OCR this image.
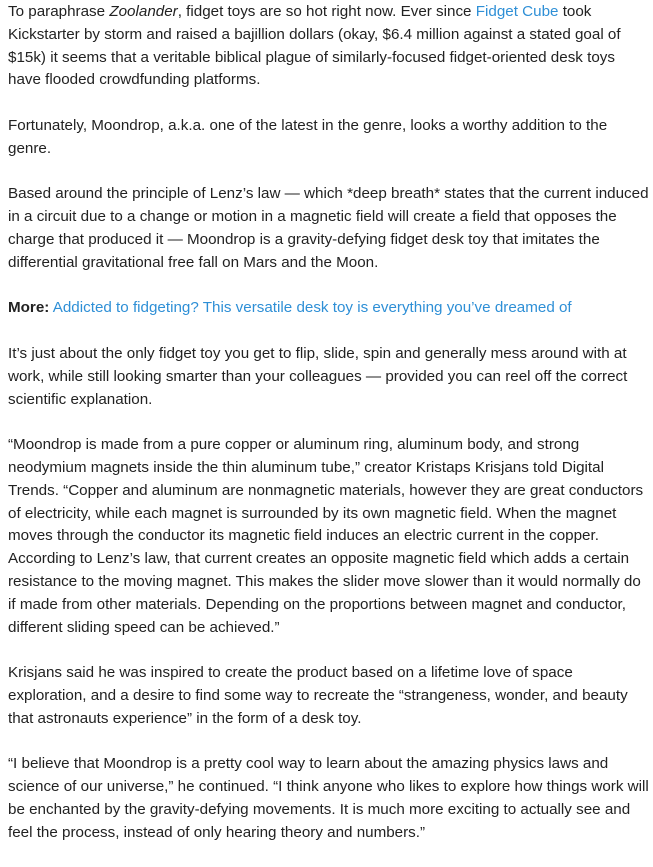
To paraphrase Zoolander, fidget toys are so hot right now. Ever since Fidget Cube took Kickstarter by storm and raised a bajillion dollars (okay, $6.4 million against a stated goal of $15k) it seems that a veritable biblical plague of similarly-focused fidget-oriented desk toys have flooded crowdfunding platforms.

Fortunately, Moondrop, a.k.a. one of the latest in the genre, looks a worthy addition to the genre.

Based around the principle of Lenz’s law — which *deep breath* states that the current induced in a circuit due to a change or motion in a magnetic field will create a field that opposes the charge that produced it — Moondrop is a gravity-defying fidget desk toy that imitates the differential gravitational free fall on Mars and the Moon.

More: Addicted to fidgeting? This versatile desk toy is everything you’ve dreamed of

It’s just about the only fidget toy you get to flip, slide, spin and generally mess around with at work, while still looking smarter than your colleagues — provided you can reel off the correct scientific explanation.

“Moondrop is made from a pure copper or aluminum ring, aluminum body, and strong neodymium magnets inside the thin aluminum tube,” creator Kristaps Krisjans told Digital Trends. “Copper and aluminum are nonmagnetic materials, however they are great conductors of electricity, while each magnet is surrounded by its own magnetic field. When the magnet moves through the conductor its magnetic field induces an electric current in the copper. According to Lenz’s law, that current creates an opposite magnetic field which adds a certain resistance to the moving magnet. This makes the slider move slower than it would normally do if made from other materials. Depending on the proportions between magnet and conductor, different sliding speed can be achieved.”

Krisjans said he was inspired to create the product based on a lifetime love of space exploration, and a desire to find some way to recreate the “strangeness, wonder, and beauty that astronauts experience” in the form of a desk toy.

“I believe that Moondrop is a pretty cool way to learn about the amazing physics laws and science of our universe,” he continued. “I think anyone who likes to explore how things work will be enchanted by the gravity-defying movements. It is much more exciting to actually see and feel the process, instead of only hearing theory and numbers.”
